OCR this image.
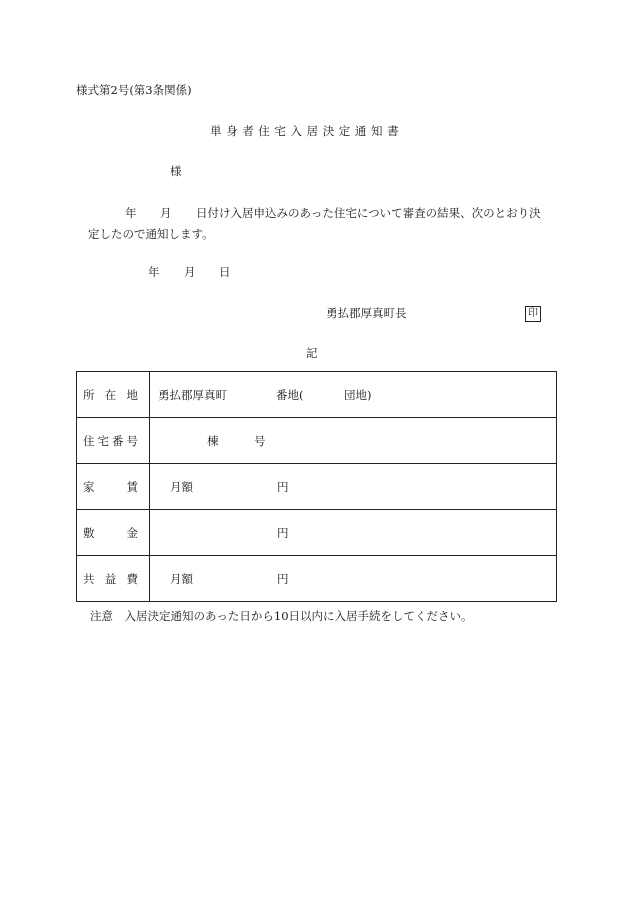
様式第2号(第3条関係)
単身者住宅入居決定通知書
様
年 月 日付け入居申込みのあった住宅について審査の結果、次のとおり決
定したので通知します。
年 月 日
勇払郡厚真町長	印
記
所 在 地	勇払郡厚真町 番地( 団地)

住 宅 番 号	棟 号

家 賃	月額 円

敷 金	円

共 益 費	月額 円
注意　入居決定通知のあった日から10日以内に入居手続をしてください。
